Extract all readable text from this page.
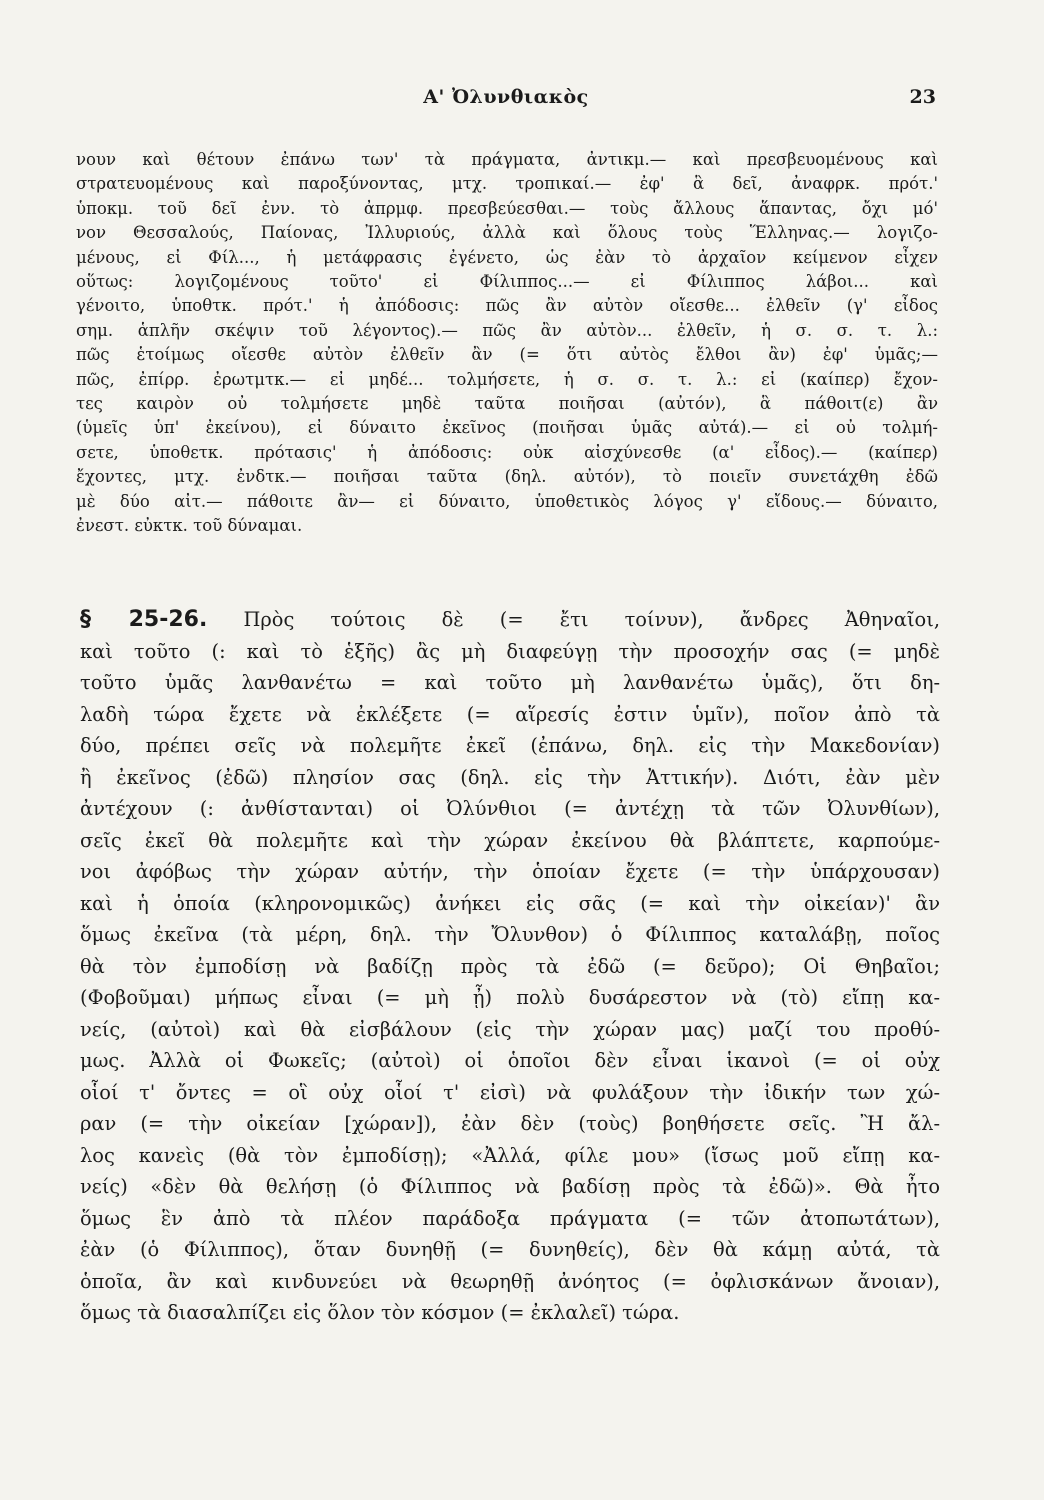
Α' Ὀλυνθιακὸς	23
νουν καὶ θέτουν ἐπάνω των' τὰ πράγματα, ἀντικμ.— καὶ πρεσβευομένους καὶ
στρατευομένους καὶ παροξύνοντας, μτχ. τροπικαί.— ἐφ' ἃ δεῖ, ἀναφρκ. πρότ.'
ὑποκμ. τοῦ δεῖ ἐνν. τὸ ἀπρμφ. πρεσβεύεσθαι.— τοὺς ἄλλους ἅπαντας, ὄχι μό'
νον Θεσσαλούς, Παίονας, Ἰλλυριούς, ἀλλὰ καὶ ὅλους τοὺς Ἕλληνας.— λογιζο-
μένους, εἰ Φίλ..., ἡ μετάφρασις ἐγένετο, ὡς ἐὰν τὸ ἀρχαῖον κείμενον εἶχεν
οὕτως: λογιζομένους τοῦτο' εἰ Φίλιππος...— εἰ Φίλιππος λάβοι... καὶ
γένοιτο, ὑποθτκ. πρότ.' ἡ ἀπόδοσις: πῶς ἂν αὐτὸν οἴεσθε... ἐλθεῖν (γ' εἶδος
σημ. ἁπλῆν σκέψιν τοῦ λέγοντος).— πῶς ἂν αὐτὸν... ἐλθεῖν, ἡ σ. σ. τ. λ.:
πῶς ἑτοίμως οἴεσθε αὐτὸν ἐλθεῖν ἂν (= ὅτι αὐτὸς ἔλθοι ἂν) ἐφ' ὑμᾶς;—
πῶς, ἐπίρρ. ἐρωτμτκ.— εἰ μηδέ... τολμήσετε, ἡ σ. σ. τ. λ.: εἰ (καίπερ) ἔχον-
τες καιρὸν οὐ τολμήσετε μηδὲ ταῦτα ποιῆσαι (αὐτόν), ἃ πάθοιτ(ε) ἂν
(ὑμεῖς ὑπ' ἐκείνου), εἰ δύναιτο ἐκεῖνος (ποιῆσαι ὑμᾶς αὐτά).— εἰ οὐ τολμή-
σετε, ὑποθετκ. πρότασις' ἡ ἀπόδοσις: οὐκ αἰσχύνεσθε (α' εἶδος).— (καίπερ)
ἔχοντες, μτχ. ἐνδτκ.— ποιῆσαι ταῦτα (δηλ. αὐτόν), τὸ ποιεῖν συνετάχθη ἐδῶ
μὲ δύο αἰτ.— πάθοιτε ἂν— εἰ δύναιτο, ὑποθετικὸς λόγος γ' εἴδους.— δύναιτο,
ἐνεστ. εὐκτκ. τοῦ δύναμαι.
§ 25-26. Πρὸς τούτοις δὲ (= ἔτι τοίνυν), ἄνδρες Ἀθηναῖοι,
καὶ τοῦτο (: καὶ τὸ ἑξῆς) ἂς μὴ διαφεύγῃ τὴν προσοχήν σας (= μηδὲ
τοῦτο ὑμᾶς λανθανέτω = καὶ τοῦτο μὴ λανθανέτω ὑμᾶς), ὅτι δη-
λαδὴ τώρα ἔχετε νὰ ἐκλέξετε (= αἵρεσίς ἐστιν ὑμῖν), ποῖον ἀπὸ τὰ
δύο, πρέπει σεῖς νὰ πολεμῆτε ἐκεῖ (ἐπάνω, δηλ. εἰς τὴν Μακεδονίαν)
ἢ ἐκεῖνος (ἐδῶ) πλησίον σας (δηλ. εἰς τὴν Ἀττικήν). Διότι, ἐὰν μὲν
ἀντέχουν (: ἀνθίστανται) οἱ Ὀλύνθιοι (= ἀντέχῃ τὰ τῶν Ὀλυνθίων),
σεῖς ἐκεῖ θὰ πολεμῆτε καὶ τὴν χώραν ἐκείνου θὰ βλάπτετε, καρπούμε-
νοι ἀφόβως τὴν χώραν αὐτήν, τὴν ὁποίαν ἔχετε (= τὴν ὑπάρχουσαν)
καὶ ἡ ὁποία (κληρονομικῶς) ἀνήκει εἰς σᾶς (= καὶ τὴν οἰκείαν)' ἂν
ὅμως ἐκεῖνα (τὰ μέρη, δηλ. τὴν Ὄλυνθον) ὁ Φίλιππος καταλάβῃ, ποῖος
θὰ τὸν ἐμποδίσῃ νὰ βαδίζῃ πρὸς τὰ ἐδῶ (= δεῦρο); Οἱ Θηβαῖοι;
(Φοβοῦμαι) μήπως εἶναι (= μὴ ᾖ) πολὺ δυσάρεστον νὰ (τὸ) εἴπῃ κα-
νείς, (αὐτοὶ) καὶ θὰ εἰσβάλουν (εἰς τὴν χώραν μας) μαζί του προθύ-
μως. Ἀλλὰ οἱ Φωκεῖς; (αὐτοὶ) οἱ ὁποῖοι δὲν εἶναι ἱκανοὶ (= οἱ οὐχ
οἷοί τ' ὄντες = οἳ οὐχ οἷοί τ' εἰσὶ) νὰ φυλάξουν τὴν ἰδικήν των χώ-
ραν (= τὴν οἰκείαν [χώραν]), ἐὰν δὲν (τοὺς) βοηθήσετε σεῖς. Ἢ ἄλ-
λος κανεὶς (θὰ τὸν ἐμποδίσῃ); «Ἀλλά, φίλε μου» (ἴσως μοῦ εἴπῃ κα-
νείς) «δὲν θὰ θελήσῃ (ὁ Φίλιππος νὰ βαδίσῃ πρὸς τὰ ἐδῶ)». Θὰ ἦτο
ὅμως ἓν ἀπὸ τὰ πλέον παράδοξα πράγματα (= τῶν ἀτοπωτάτων),
ἐὰν (ὁ Φίλιππος), ὅταν δυνηθῇ (= δυνηθείς), δὲν θὰ κάμῃ αὐτά, τὰ
ὁποῖα, ἂν καὶ κινδυνεύει νὰ θεωρηθῇ ἀνόητος (= ὀφλισκάνων ἄνοιαν),
ὅμως τὰ διασαλπίζει εἰς ὅλον τὸν κόσμον (= ἐκλαλεῖ) τώρα.
